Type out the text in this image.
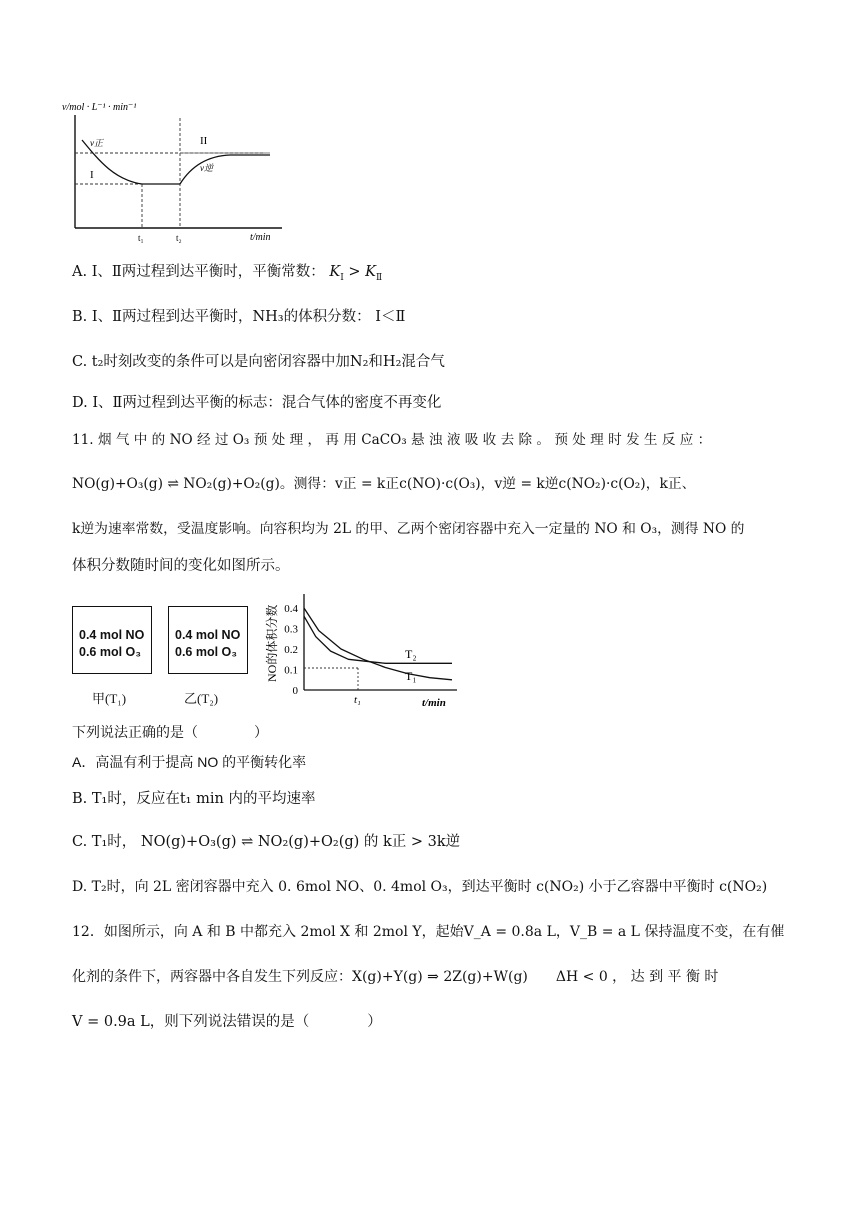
v/mol · L⁻¹ · min⁻¹
v正
v逆
I
II
t₁	t₂	t/min
A. Ⅰ、Ⅱ两过程到达平衡时，平衡常数： $K_Ⅰ > K_Ⅱ$
B. Ⅰ、Ⅱ两过程到达平衡时，NH₃的体积分数： Ⅰ＜Ⅱ
C. t₂时刻改变的条件可以是向密闭容器中加N₂和H₂混合气
D. Ⅰ、Ⅱ两过程到达平衡的标志：混合气体的密度不再变化
11. 烟 气 中 的 NO 经 过 O₃ 预 处 理 ， 再 用 CaCO₃ 悬 浊 液 吸 收 去 除 。 预 处 理 时 发 生 反 应 ：
NO(g)+O₃(g) ⇌ NO₂(g)+O₂(g)。测得：v正 = k正c(NO)·c(O₃)，v逆 = k逆c(NO₂)·c(O₂)，k正、
k逆为速率常数，受温度影响。向容积均为 2L 的甲、乙两个密闭容器中充入一定量的 NO 和 O₃，测得 NO 的
体积分数随时间的变化如图所示。
0.4 mol NO
0.6 mol O₃
甲(T₁)
0.4 mol NO
0.6 mol O₃
乙(T₂)
NO的体积分数 0.4
0.3
0.2
0.1
0
t₁	t/min
T₂
T₁
下列说法正确的是（　　　　）
A．高温有利于提高 NO 的平衡转化率
B. T₁时，反应在t₁ min 内的平均速率
C. T₁时， NO(g)+O₃(g) ⇌ NO₂(g)+O₂(g) 的 k正 > 3k逆
D. T₂时，向 2L 密闭容器中充入 0. 6mol NO、0. 4mol O₃，到达平衡时 c(NO₂) 小于乙容器中平衡时 c(NO₂)
12．如图所示，向 A 和 B 中都充入 2mol X 和 2mol Y，起始V_A = 0.8a L，V_B = a L 保持温度不变，在有催
化剂的条件下，两容器中各自发生下列反应：X(g)+Y(g) ⇒ 2Z(g)+W(g)　　ΔH < 0 ， 达 到 平 衡 时
V = 0.9a L，则下列说法错误的是（　　　　）
